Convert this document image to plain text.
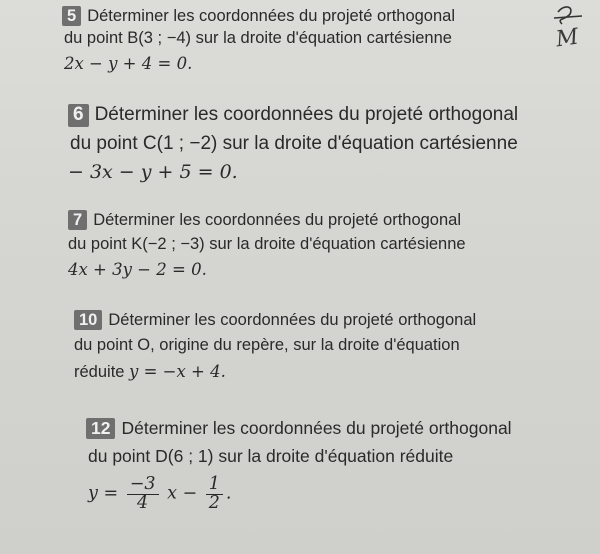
5 Déterminer les coordonnées du projeté orthogonal
du point B(3 ; −4) sur la droite d'équation cartésienne
2x − y + 4 = 0.
M
6 Déterminer les coordonnées du projeté orthogonal
du point C(1 ; −2) sur la droite d'équation cartésienne
− 3x − y + 5 = 0.
7 Déterminer les coordonnées du projeté orthogonal
du point K(−2 ; −3) sur la droite d'équation cartésienne
4x + 3y − 2 = 0.
10 Déterminer les coordonnées du projeté orthogonal
du point O, origine du repère, sur la droite d'équation
réduite y = −x + 4.
12 Déterminer les coordonnées du projeté orthogonal
du point D(6 ; 1) sur la droite d'équation réduite
$y = \frac{-3}{4}$ $x - \frac{1}{2}$ .
